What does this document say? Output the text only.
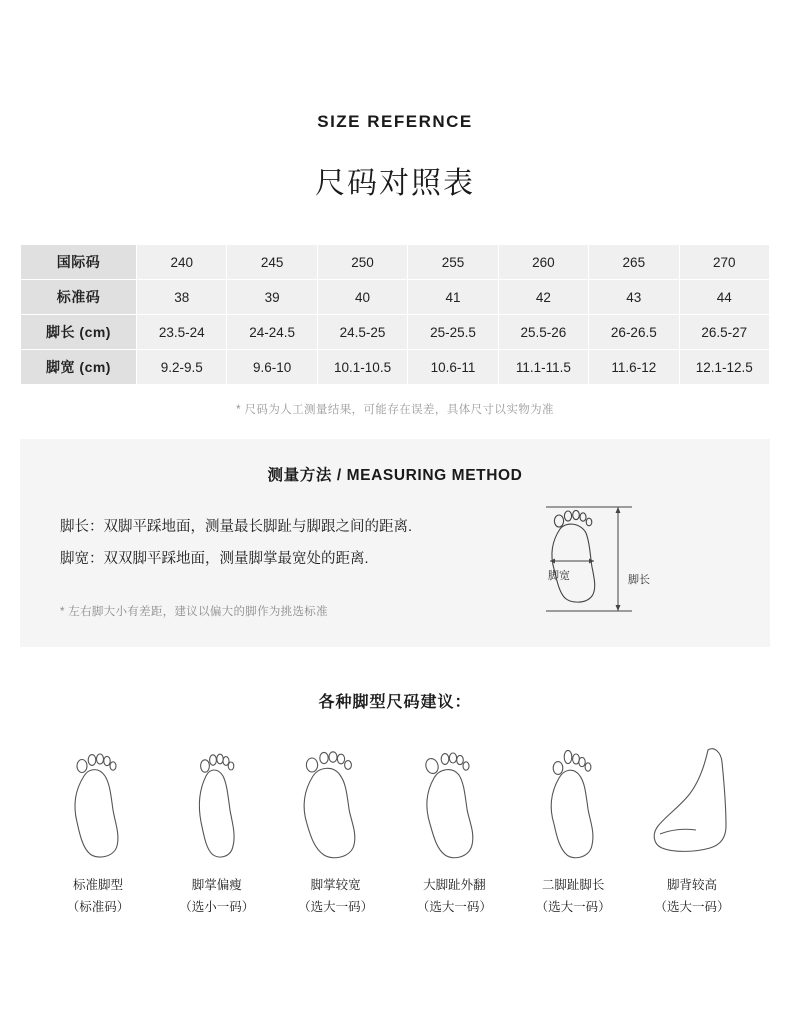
SIZE REFERNCE
尺码对照表
国际码	240	245	250	255	260	265	270
标准码	38	39	40	41	42	43	44
脚长 (cm)	23.5-24	24-24.5	24.5-25	25-25.5	25.5-26	26-26.5	26.5-27
脚宽 (cm)	9.2-9.5	9.6-10	10.1-10.5	10.6-11	11.1-11.5	11.6-12	12.1-12.5
* 尺码为人工测量结果，可能存在误差，具体尺寸以实物为准
测量方法 / MEASURING METHOD
脚长：双脚平踩地面，测量最长脚趾与脚跟之间的距离.
脚宽：双双脚平踩地面，测量脚掌最宽处的距离.
* 左右脚大小有差距，建议以偏大的脚作为挑选标准
脚宽	脚长
各种脚型尺码建议：
标准脚型
（标准码）
脚掌偏瘦
（选小一码）
脚掌较宽
（选大一码）
大脚趾外翻
（选大一码）
二脚趾脚长
（选大一码）
脚背较高
（选大一码）
